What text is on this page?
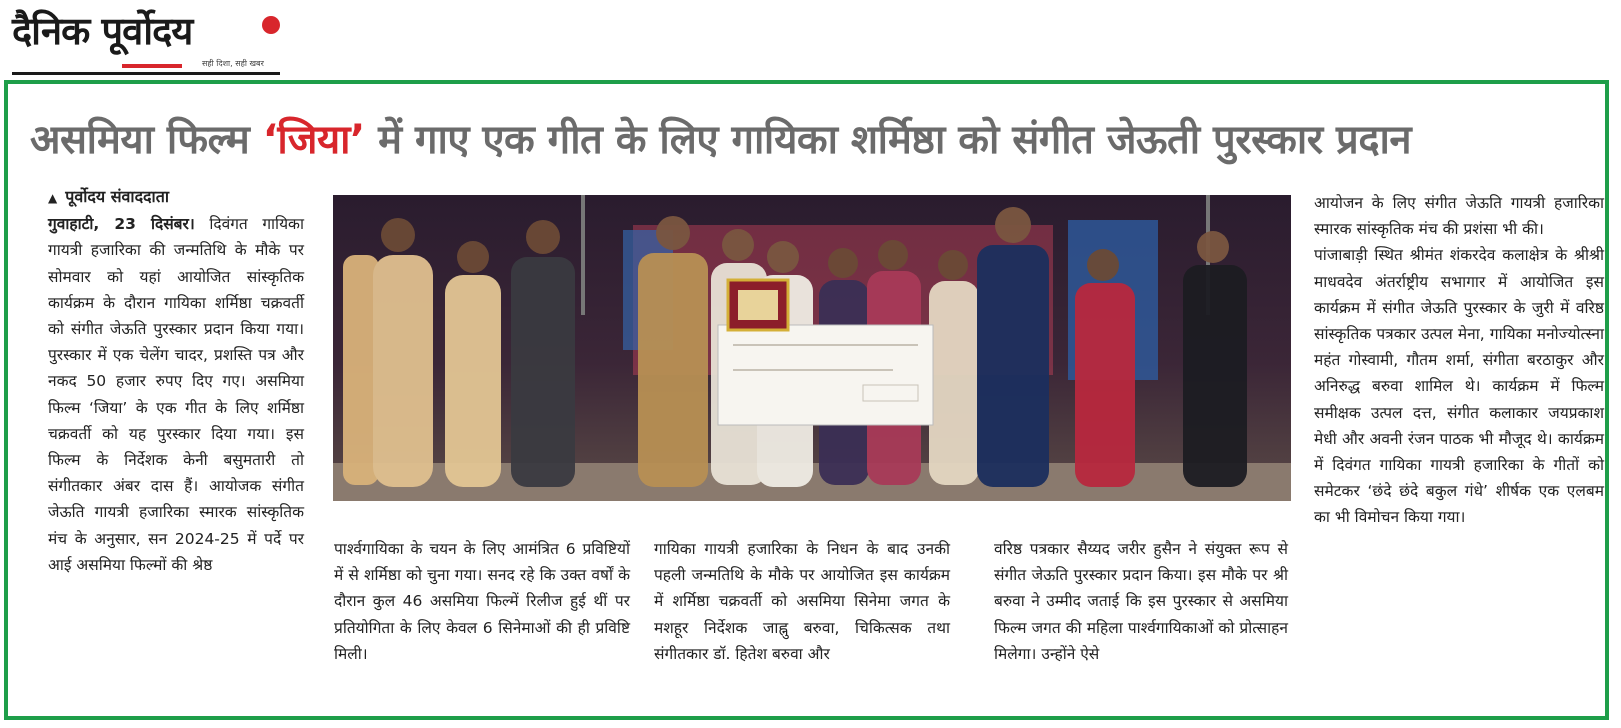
दैनिक पूर्वोदय
सही दिशा, सही खबर
असमिया फिल्म ‘जिया’ में गाए एक गीत के लिए गायिका शर्मिष्ठा को संगीत जेऊती पुरस्कार प्रदान

▲ पूर्वोदय संवाददाता

गुवाहाटी, 23 दिसंबर। दिवंगत गायिका गायत्री हजारिका की जन्मतिथि के मौके पर सोमवार को यहां आयोजित सांस्कृतिक कार्यक्रम के दौरान गायिका शर्मिष्ठा चक्रवर्ती को संगीत जेऊति पुरस्कार प्रदान किया गया। पुरस्कार में एक चेलेंग चादर, प्रशस्ति पत्र और नकद 50 हजार रुपए दिए गए। असमिया फिल्म ‘जिया’ के एक गीत के लिए शर्मिष्ठा चक्रवर्ती को यह पुरस्कार दिया गया। इस फिल्म के निर्देशक केनी बसुमतारी तो संगीतकार अंबर दास हैं। आयोजक संगीत जेऊति गायत्री हजारिका स्मारक सांस्कृतिक मंच के अनुसार, सन 2024-25 में पर्दे पर आई असमिया फिल्मों की श्रेष्ठ

पार्श्वगायिका के चयन के लिए आमंत्रित 6 प्रविष्टियों में से शर्मिष्ठा को चुना गया। सनद रहे कि उक्त वर्षों के दौरान कुल 46 असमिया फिल्में रिलीज हुई थीं पर प्रतियोगिता के लिए केवल 6 सिनेमाओं की ही प्रविष्टि मिली।

गायिका गायत्री हजारिका के निधन के बाद उनकी पहली जन्मतिथि के मौके पर आयोजित इस कार्यक्रम में शर्मिष्ठा चक्रवर्ती को असमिया सिनेमा जगत के मशहूर निर्देशक जाह्नु बरुवा, चिकित्सक तथा संगीतकार डॉ. हितेश बरुवा और

वरिष्ठ पत्रकार सैय्यद जरीर हुसैन ने संयुक्त रूप से संगीत जेऊति पुरस्कार प्रदान किया। इस मौके पर श्री बरुवा ने उम्मीद जताई कि इस पुरस्कार से असमिया फिल्म जगत की महिला पार्श्वगायिकाओं को प्रोत्साहन मिलेगा। उन्होंने ऐसे

आयोजन के लिए संगीत जेऊति गायत्री हजारिका स्मारक सांस्कृतिक मंच की प्रशंसा भी की।

पांजाबाड़ी स्थित श्रीमंत शंकरदेव कलाक्षेत्र के श्रीश्री माधवदेव अंतर्राष्ट्रीय सभागार में आयोजित इस कार्यक्रम में संगीत जेऊति पुरस्कार के जुरी में वरिष्ठ सांस्कृतिक पत्रकार उत्पल मेना, गायिका मनोज्योत्स्ना महंत गोस्वामी, गौतम शर्मा, संगीता बरठाकुर और अनिरुद्ध बरुवा शामिल थे। कार्यक्रम में फिल्म समीक्षक उत्पल दत्त, संगीत कलाकार जयप्रकाश मेधी और अवनी रंजन पाठक भी मौजूद थे। कार्यक्रम में दिवंगत गायिका गायत्री हजारिका के गीतों को समेटकर ‘छंदे छंदे बकुल गंधे’ शीर्षक एक एलबम का भी विमोचन किया गया।
